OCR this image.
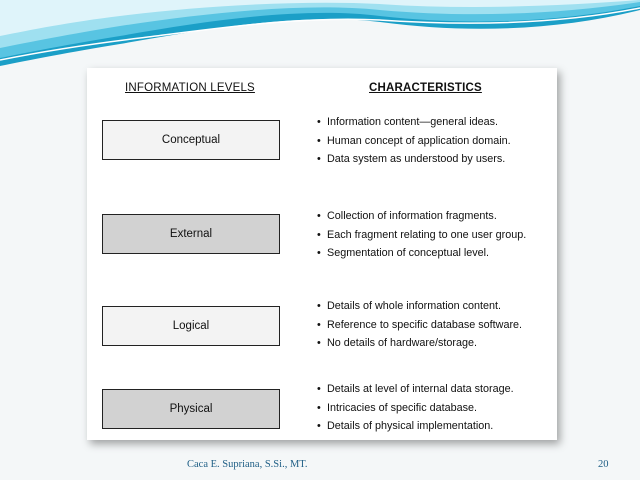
INFORMATION LEVELS	CHARACTERISTICS
Conceptual
• Information content—general ideas.
• Human concept of application domain.
• Data system as understood by users.
External
• Collection of information fragments.
• Each fragment relating to one user group.
• Segmentation of conceptual level.
Logical
• Details of whole information content.
• Reference to specific database software.
• No details of hardware/storage.
Physical
• Details at level of internal data storage.
• Intricacies of specific database.
• Details of physical implementation.
Caca E. Supriana, S.Si., MT.	20
